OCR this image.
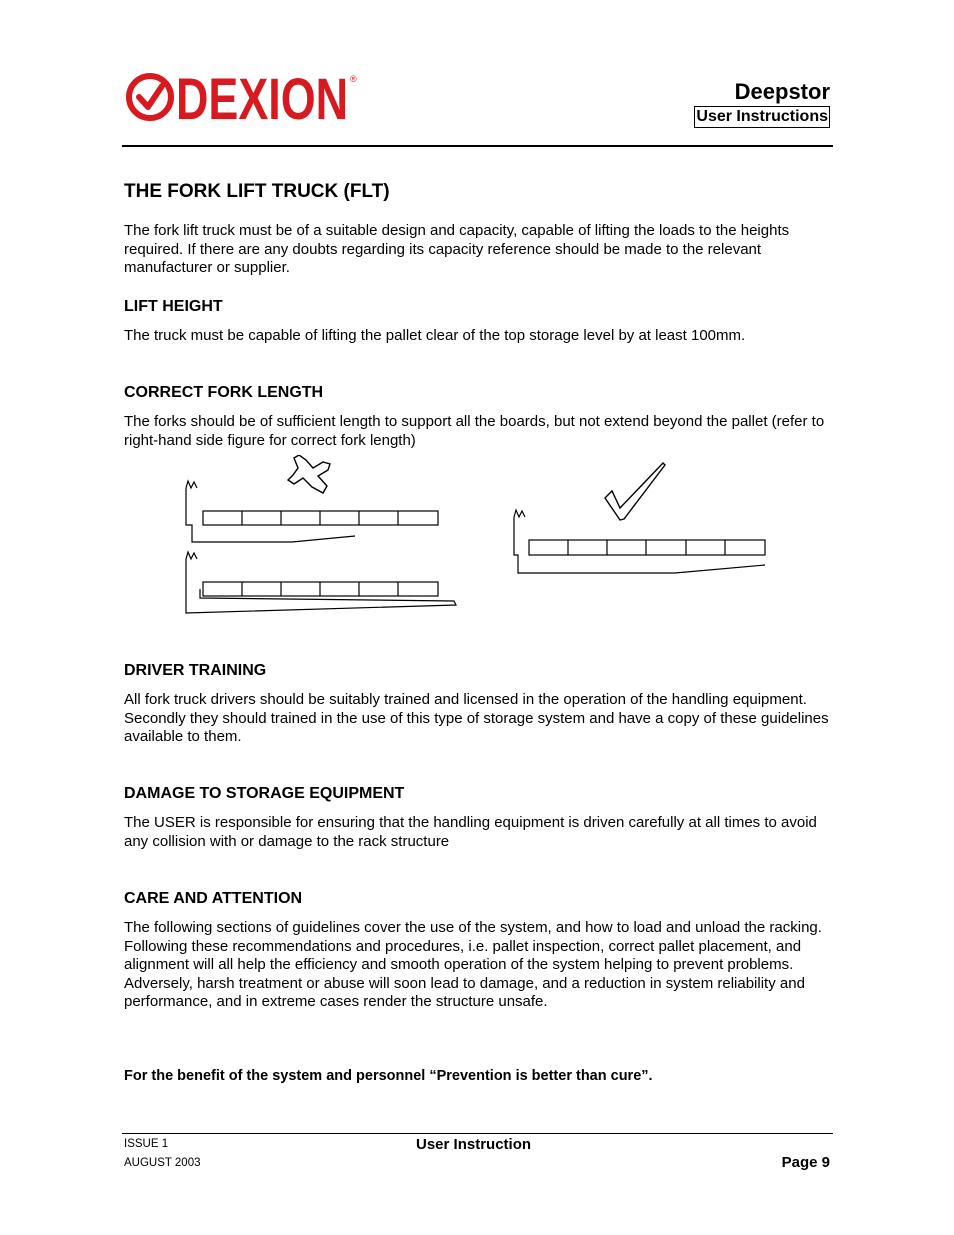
DEXION ®	Deepstor
User Instructions
THE FORK LIFT TRUCK (FLT)

The fork lift truck must be of a suitable design and capacity, capable of lifting the loads to the heights required. If there are any doubts regarding its capacity reference should be made to the relevant manufacturer or supplier.

LIFT HEIGHT

The truck must be capable of lifting the pallet clear of the top storage level by at least 100mm.

CORRECT FORK LENGTH

The forks should be of sufficient length to support all the boards, but not extend beyond the pallet (refer to right-hand side figure for correct fork length)

DRIVER TRAINING

All fork truck drivers should be suitably trained and licensed in the operation of the handling equipment. Secondly they should trained in the use of this type of storage system and have a copy of these guidelines available to them.

DAMAGE TO STORAGE EQUIPMENT

The USER is responsible for ensuring that the handling equipment is driven carefully at all times to avoid any collision with or damage to the rack structure

CARE AND ATTENTION
The following sections of guidelines cover the use of the system, and how to load and unload the racking.
Following these recommendations and procedures, i.e. pallet inspection, correct pallet placement, and alignment will all help the efficiency and smooth operation of the system helping to prevent problems.
Adversely, harsh treatment or abuse will soon lead to damage, and a reduction in system reliability and performance, and in extreme cases render the structure unsafe.

For the benefit of the system and personnel “Prevention is better than cure”.

ISSUE 1
AUGUST 2003
User Instruction
Page 9
